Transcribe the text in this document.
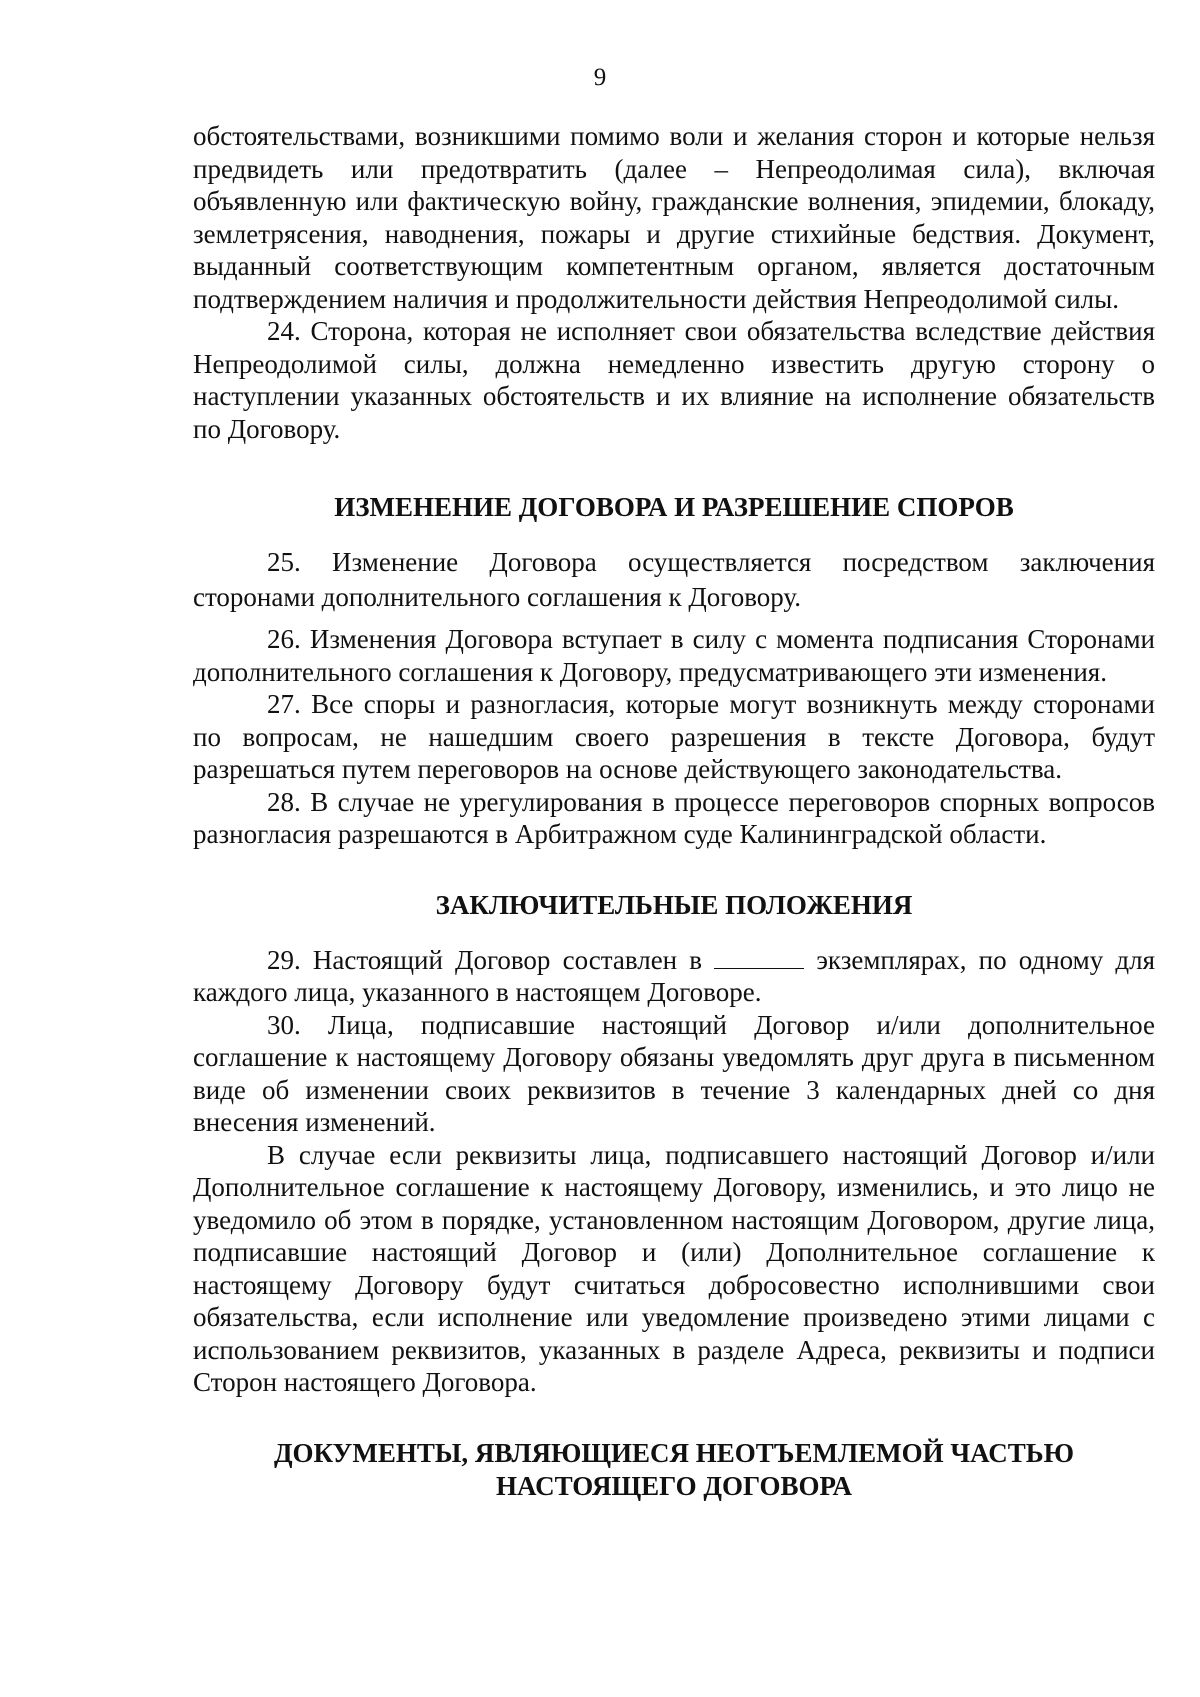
9

обстоятельствами, возникшими помимо воли и желания сторон и которые нельзя предвидеть или предотвратить (далее – Непреодолимая сила), включая объявленную или фактическую войну, гражданские волнения, эпидемии, блокаду, землетрясения, наводнения, пожары и другие стихийные бедствия. Документ, выданный соответствующим компетентным органом, является достаточным подтверждением наличия и продолжительности действия Непреодолимой силы.

24. Сторона, которая не исполняет свои обязательства вследствие действия Непреодолимой силы, должна немедленно известить другую сторону о наступлении указанных обстоятельств и их влияние на исполнение обязательств по Договору.

ИЗМЕНЕНИЕ ДОГОВОРА И РАЗРЕШЕНИЕ СПОРОВ

25. Изменение Договора осуществляется посредством заключения сторонами дополнительного соглашения к Договору.

26. Изменения Договора вступает в силу с момента подписания Сторонами дополнительного соглашения к Договору, предусматривающего эти изменения.

27. Все споры и разногласия, которые могут возникнуть между сторонами по вопросам, не нашедшим своего разрешения в тексте Договора, будут разрешаться путем переговоров на основе действующего законодательства.

28. В случае не урегулирования в процессе переговоров спорных вопросов разногласия разрешаются в Арбитражном суде Калининградской области.

ЗАКЛЮЧИТЕЛЬНЫЕ ПОЛОЖЕНИЯ

29. Настоящий Договор составлен в	экземплярах, по одному для каждого лица, указанного в настоящем Договоре.

30. Лица, подписавшие настоящий Договор и/или дополнительное соглашение к настоящему Договору обязаны уведомлять друг друга в письменном виде об изменении своих реквизитов в течение 3 календарных дней со дня внесения изменений.

В случае если реквизиты лица, подписавшего настоящий Договор и/или Дополнительное соглашение к настоящему Договору, изменились, и это лицо не уведомило об этом в порядке, установленном настоящим Договором, другие лица, подписавшие настоящий Договор и (или) Дополнительное соглашение к настоящему Договору будут считаться добросовестно исполнившими свои обязательства, если исполнение или уведомление произведено этими лицами с использованием реквизитов, указанных в разделе Адреса, реквизиты и подписи Сторон настоящего Договора.

ДОКУМЕНТЫ, ЯВЛЯЮЩИЕСЯ НЕОТЪЕМЛЕМОЙ ЧАСТЬЮ
НАСТОЯЩЕГО ДОГОВОРА
